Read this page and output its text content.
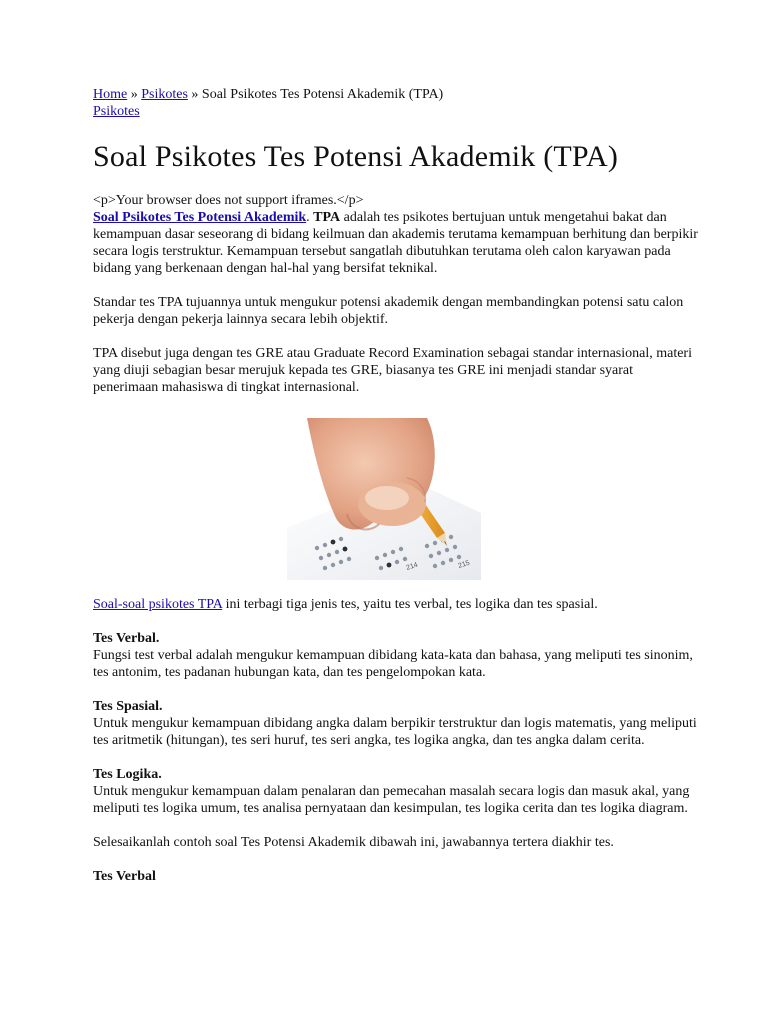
Home » Psikotes » Soal Psikotes Tes Potensi Akademik (TPA)
Psikotes
Soal Psikotes Tes Potensi Akademik (TPA)

<p>Your browser does not support iframes.</p>

Soal Psikotes Tes Potensi Akademik. TPA adalah tes psikotes bertujuan untuk mengetahui bakat dan kemampuan dasar seseorang di bidang keilmuan dan akademis terutama kemampuan berhitung dan berpikir secara logis terstruktur. Kemampuan tersebut sangatlah dibutuhkan terutama oleh calon karyawan pada bidang yang berkenaan dengan hal-hal yang bersifat teknikal.

Standar tes TPA tujuannya untuk mengukur potensi akademik dengan membandingkan potensi satu calon pekerja dengan pekerja lainnya secara lebih objektif.

TPA disebut juga dengan tes GRE atau Graduate Record Examination sebagai standar internasional, materi yang diuji sebagian besar merujuk kepada tes GRE, biasanya tes GRE ini menjadi standar syarat penerimaan mahasiswa di tingkat internasional.

214	215

Soal-soal psikotes TPA ini terbagi tiga jenis tes, yaitu tes verbal, tes logika dan tes spasial.

Tes Verbal.
Fungsi test verbal adalah mengukur kemampuan dibidang kata-kata dan bahasa, yang meliputi tes sinonim, tes antonim, tes padanan hubungan kata, dan tes pengelompokan kata.
Tes Spasial.
Untuk mengukur kemampuan dibidang angka dalam berpikir terstruktur dan logis matematis, yang meliputi tes aritmetik (hitungan), tes seri huruf, tes seri angka, tes logika angka, dan tes angka dalam cerita.
Tes Logika.
Untuk mengukur kemampuan dalam penalaran dan pemecahan masalah secara logis dan masuk akal, yang meliputi tes logika umum, tes analisa pernyataan dan kesimpulan, tes logika cerita dan tes logika diagram.

Selesaikanlah contoh soal Tes Potensi Akademik dibawah ini, jawabannya tertera diakhir tes.

Tes Verbal
